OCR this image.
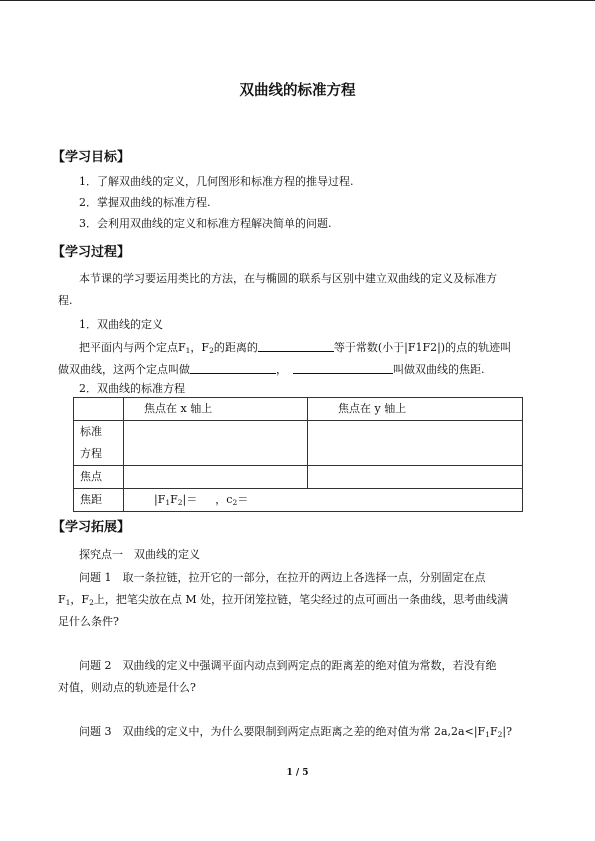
双曲线的标准方程
【学习目标】
1．了解双曲线的定义，几何图形和标准方程的推导过程.
2．掌握双曲线的标准方程.
3．会利用双曲线的定义和标准方程解决简单的问题.
【学习过程】
本节课的学习要运用类比的方法，在与椭圆的联系与区别中建立双曲线的定义及标准方
程.
1．双曲线的定义
把平面内与两个定点$F_1$，$F_2$的距离的	等于常数(小于|F1F2|)的点的轨迹叫
做双曲线，这两个定点叫做	，	叫做双曲线的焦距.
2．双曲线的标准方程
	焦点在 x 轴上	焦点在 y 轴上
标准
方程		
焦点		
焦距	$|F_1F_2|=$ ，$c_2=$	
【学习拓展】
探究点一　双曲线的定义
问题 1　取一条拉链，拉开它的一部分，在拉开的两边上各选择一点，分别固定在点
$F_1$，$F_2$上，把笔尖放在点 M 处，拉开闭笼拉链，笔尖经过的点可画出一条曲线，思考曲线满
足什么条件?
问题 2　双曲线的定义中强调平面内动点到两定点的距离差的绝对值为常数，若没有绝
对值，则动点的轨迹是什么?
问题 3　双曲线的定义中，为什么要限制到两定点距离之差的绝对值为常 $2a,2a<|F_1F_2|$?
1 / 5
